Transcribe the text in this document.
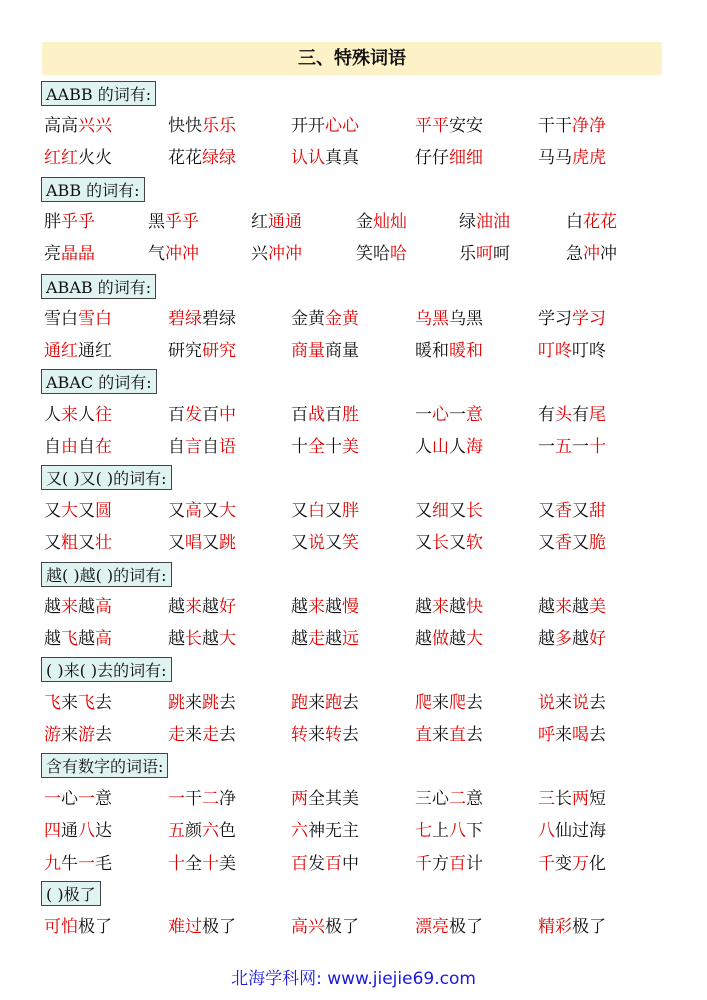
三、特殊词语
AABB 的词有:
高高兴兴	快快乐乐	开开心心	平平安安	干干净净
红红火火	花花绿绿	认认真真	仔仔细细	马马虎虎
ABB 的词有:
胖乎乎	黑乎乎	红通通	金灿灿	绿油油	白花花
亮晶晶	气冲冲	兴冲冲	笑哈哈	乐呵呵	急冲冲
ABAB 的词有:
雪白雪白	碧绿碧绿	金黄金黄	乌黑乌黑	学习学习
通红通红	研究研究	商量商量	暖和暖和	叮咚叮咚
ABAC 的词有:
人来人往	百发百中	百战百胜	一心一意	有头有尾
自由自在	自言自语	十全十美	人山人海	一五一十
又( )又( )的词有:
又大又圆	又高又大	又白又胖	又细又长	又香又甜
又粗又壮	又唱又跳	又说又笑	又长又软	又香又脆
越( )越( )的词有:
越来越高	越来越好	越来越慢	越来越快	越来越美
越飞越高	越长越大	越走越远	越做越大	越多越好
( )来( )去的词有:
飞来飞去	跳来跳去	跑来跑去	爬来爬去	说来说去
游来游去	走来走去	转来转去	直来直去	呼来喝去
含有数字的词语:
一心一意	一干二净	两全其美	三心二意	三长两短
四通八达	五颜六色	六神无主	七上八下	八仙过海
九牛一毛	十全十美	百发百中	千方百计	千变万化
( )极了
可怕极了	难过极了	高兴极了	漂亮极了	精彩极了
北海学科网: www.jiejie69.com
